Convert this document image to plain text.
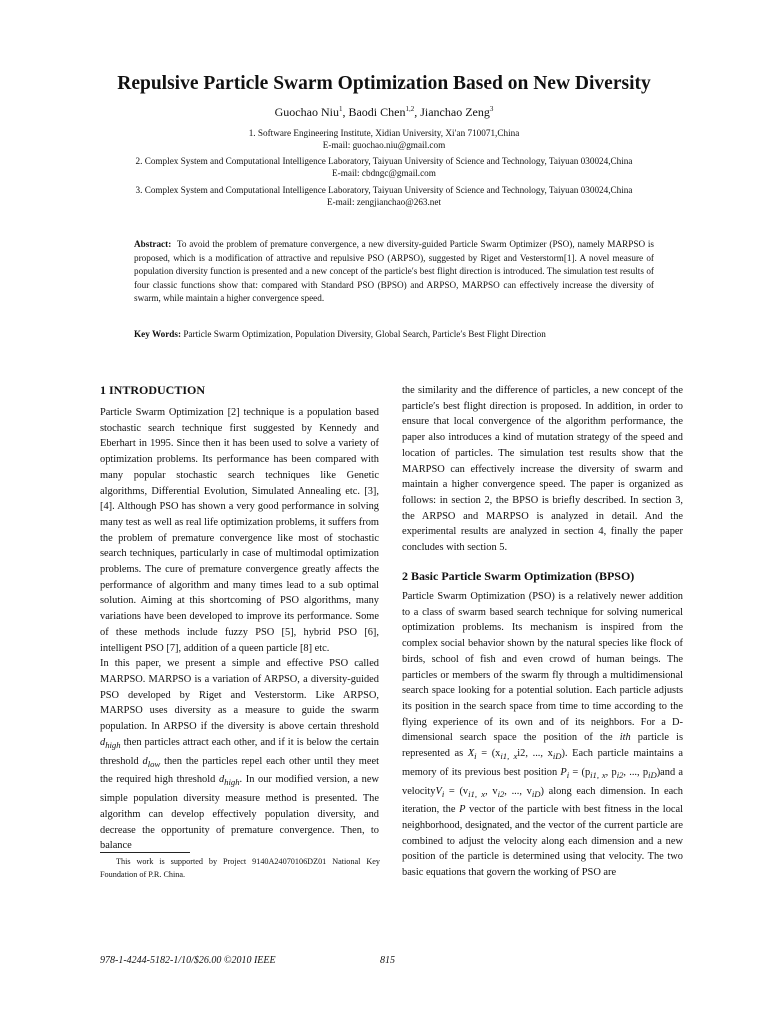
Repulsive Particle Swarm Optimization Based on New Diversity
Guochao Niu$^1$, Baodi Chen$^{1,2}$, Jianchao Zeng$^3$
1. Software Engineering Institute, Xidian University, Xi′an 710071,China
E-mail: guochao.niu@gmail.com
2. Complex System and Computational Intelligence Laboratory, Taiyuan University of Science and Technology, Taiyuan 030024,China
E-mail: cbdngc@gmail.com
3. Complex System and Computational Intelligence Laboratory, Taiyuan University of Science and Technology, Taiyuan 030024,China
E-mail: zengjianchao@263.net
Abstract: To avoid the problem of premature convergence, a new diversity-guided Particle Swarm Optimizer (PSO), namely MARPSO is proposed, which is a modification of attractive and repulsive PSO (ARPSO), suggested by Riget and Vesterstorm[1]. A novel measure of population diversity function is presented and a new concept of the particle′s best flight direction is introduced. The simulation test results of four classic functions show that: compared with Standard PSO (BPSO) and ARPSO, MARPSO can effectively increase the diversity of swarm, while maintain a higher convergence speed.
Key Words: Particle Swarm Optimization, Population Diversity, Global Search, Particle′s Best Flight Direction
1 INTRODUCTION

Particle Swarm Optimization [2] technique is a population based stochastic search technique first suggested by Kennedy and Eberhart in 1995. Since then it has been used to solve a variety of optimization problems. Its performance has been compared with many popular stochastic search techniques like Genetic algorithms, Differential Evolution, Simulated Annealing etc. [3], [4]. Although PSO has shown a very good performance in solving many test as well as real life optimization problems, it suffers from the problem of premature convergence like most of stochastic search techniques, particularly in case of multimodal optimization problems. The cure of premature convergence greatly affects the performance of algorithm and many times lead to a sub optimal solution. Aiming at this shortcoming of PSO algorithms, many variations have been developed to improve its performance. Some of these methods include fuzzy PSO [5], hybrid PSO [6], intelligent PSO [7], addition of a queen particle [8] etc.

In this paper, we present a simple and effective PSO called MARPSO. MARPSO is a variation of ARPSO, a diversity-guided PSO developed by Riget and Vesterstorm. Like ARPSO, MARPSO uses diversity as a measure to guide the swarm population. In ARPSO if the diversity is above certain threshold $d_{high}$ then particles attract each other, and if it is below the certain threshold $d_{low}$ then the particles repel each other until they meet the required high threshold $d_{high}$. In our modified version, a new simple population diversity measure method is presented. The algorithm can develop effectively population diversity, and decrease the opportunity of premature convergence. Then, to balance

This work is supported by Project 9140A24070106DZ01 National Key Foundation of P.R. China.

the similarity and the difference of particles, a new concept of the particle′s best flight direction is proposed. In addition, in order to ensure that local convergence of the algorithm performance, the paper also introduces a kind of mutation strategy of the speed and location of particles. The simulation test results show that the MARPSO can effectively increase the diversity of swarm and maintain a higher convergence speed. The paper is organized as follows: in section 2, the BPSO is briefly described. In section 3, the ARPSO and MARPSO is analyzed in detail. And the experimental results are analyzed in section 4, finally the paper concludes with section 5.

2 Basic Particle Swarm Optimization (BPSO)

Particle Swarm Optimization (PSO) is a relatively newer addition to a class of swarm based search technique for solving numerical optimization problems. Its mechanism is inspired from the complex social behavior shown by the natural species like flock of birds, school of fish and even crowd of human beings. The particles or members of the swarm fly through a multidimensional search space looking for a potential solution. Each particle adjusts its position in the search space from time to time according to the flying experience of its own and of its neighbors. For a D-dimensional search space the position of the ith particle is represented as $X_i = (x_{i1, x}i2$, ..., $x_{iD}$). Each particle maintains a memory of its previous best position $P_i = (p_{i1, x}$, $p_{i2}$, ..., $p_{iD})and$ a velocityV$_i$ = ($v_{i1, x}$, $v_{i2}$, ..., $v_{iD}$) along each dimension. In each iteration, the P vector of the particle with best fitness in the local neighborhood, designated, and the vector of the current particle are combined to adjust the velocity along each dimension and a new position of the particle is determined using that velocity. The two basic equations that govern the working of PSO are

978-1-4244-5182-1/10/$26.00 ©2010 IEEE	815
